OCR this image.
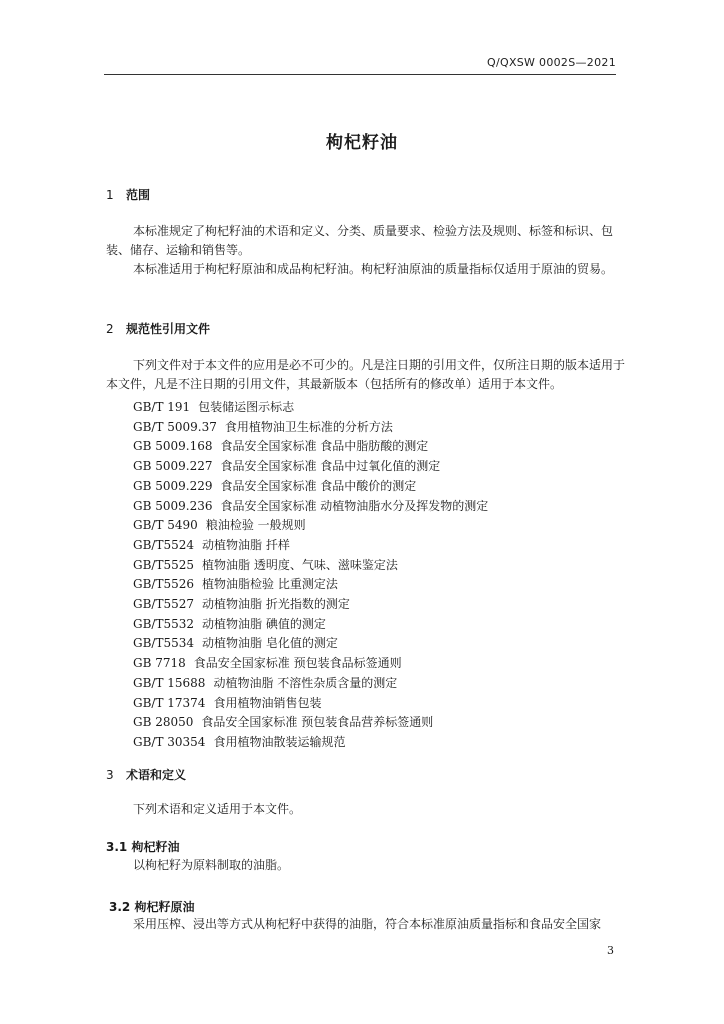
Q/QXSW 0002S—2021
枸杞籽油
1 范围

本标准规定了枸杞籽油的术语和定义、分类、质量要求、检验方法及规则、标签和标识、包装、储存、运输和销售等。

本标准适用于枸杞籽原油和成品枸杞籽油。枸杞籽油原油的质量指标仅适用于原油的贸易。

2 规范性引用文件

下列文件对于本文件的应用是必不可少的。凡是注日期的引用文件，仅所注日期的版本适用于本文件，凡是不注日期的引用文件，其最新版本（包括所有的修改单）适用于本文件。

GB/T 191 包装储运图示标志
GB/T 5009.37 食用植物油卫生标准的分析方法
GB 5009.168 食品安全国家标准 食品中脂肪酸的测定
GB 5009.227 食品安全国家标准 食品中过氧化值的测定
GB 5009.229 食品安全国家标准 食品中酸价的测定
GB 5009.236 食品安全国家标准 动植物油脂水分及挥发物的测定
GB/T 5490 粮油检验 一般规则
GB/T5524 动植物油脂 扦样
GB/T5525 植物油脂 透明度、气味、滋味鉴定法
GB/T5526 植物油脂检验 比重测定法
GB/T5527 动植物油脂 折光指数的测定
GB/T5532 动植物油脂 碘值的测定
GB/T5534 动植物油脂 皂化值的测定
GB 7718 食品安全国家标准 预包装食品标签通则
GB/T 15688 动植物油脂 不溶性杂质含量的测定
GB/T 17374 食用植物油销售包装
GB 28050 食品安全国家标准 预包装食品营养标签通则
GB/T 30354 食用植物油散装运输规范
3 术语和定义

下列术语和定义适用于本文件。

3.1 枸杞籽油

以枸杞籽为原料制取的油脂。

3.2 枸杞籽原油

采用压榨、浸出等方式从枸杞籽中获得的油脂，符合本标准原油质量指标和食品安全国家

3
